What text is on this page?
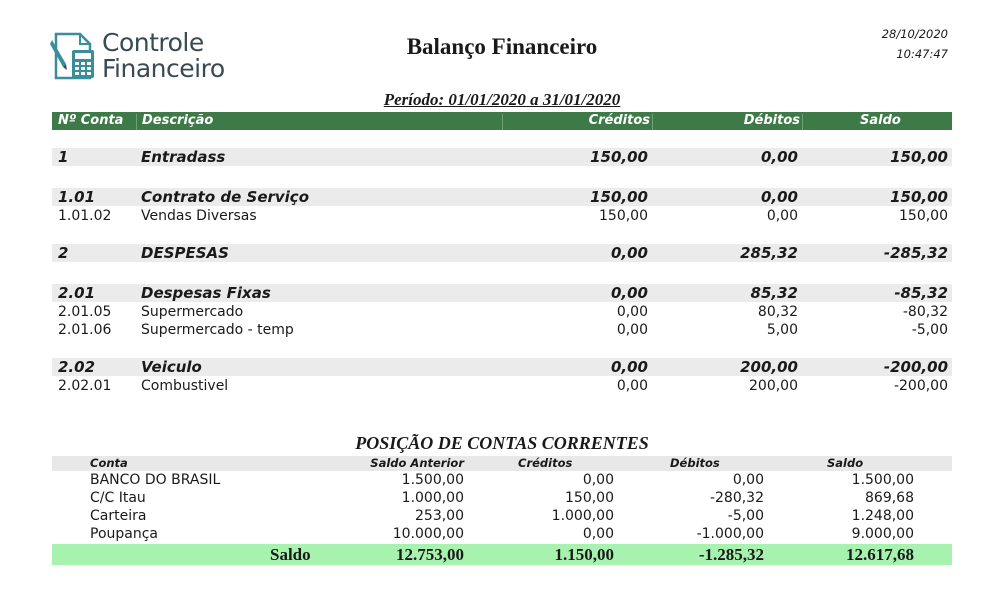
Controle
Financeiro
Balanço Financeiro	28/10/2020
10:47:47
Período: 01/01/2020 a 31/01/2020
Nº Conta Descrição	Créditos	Débitos	Saldo
1	Entradass	150,00	0,00	150,00
1.01	Contrato de Serviço	150,00	0,00	150,00
1.01.02 Vendas Diversas	150,00	0,00	150,00
2	DESPESAS	0,00	285,32	-285,32
2.01	Despesas Fixas	0,00	85,32	-85,32
2.01.05 Supermercado	0,00	80,32	-80,32
2.01.06 Supermercado - temp	0,00	5,00	-5,00
2.02	Veiculo	0,00	200,00	-200,00
2.02.01 Combustivel	0,00	200,00	-200,00
POSIÇÃO DE CONTAS CORRENTES
Conta	Saldo Anterior	Créditos	Débitos	Saldo
BANCO DO BRASIL	1.500,00	0,00	0,00	1.500,00
C/C Itau	1.000,00	150,00	-280,32	869,68
Carteira	253,00	1.000,00	-5,00	1.248,00
Poupança	10.000,00	0,00	-1.000,00	9.000,00
Saldo	12.753,00	1.150,00	-1.285,32	12.617,68
